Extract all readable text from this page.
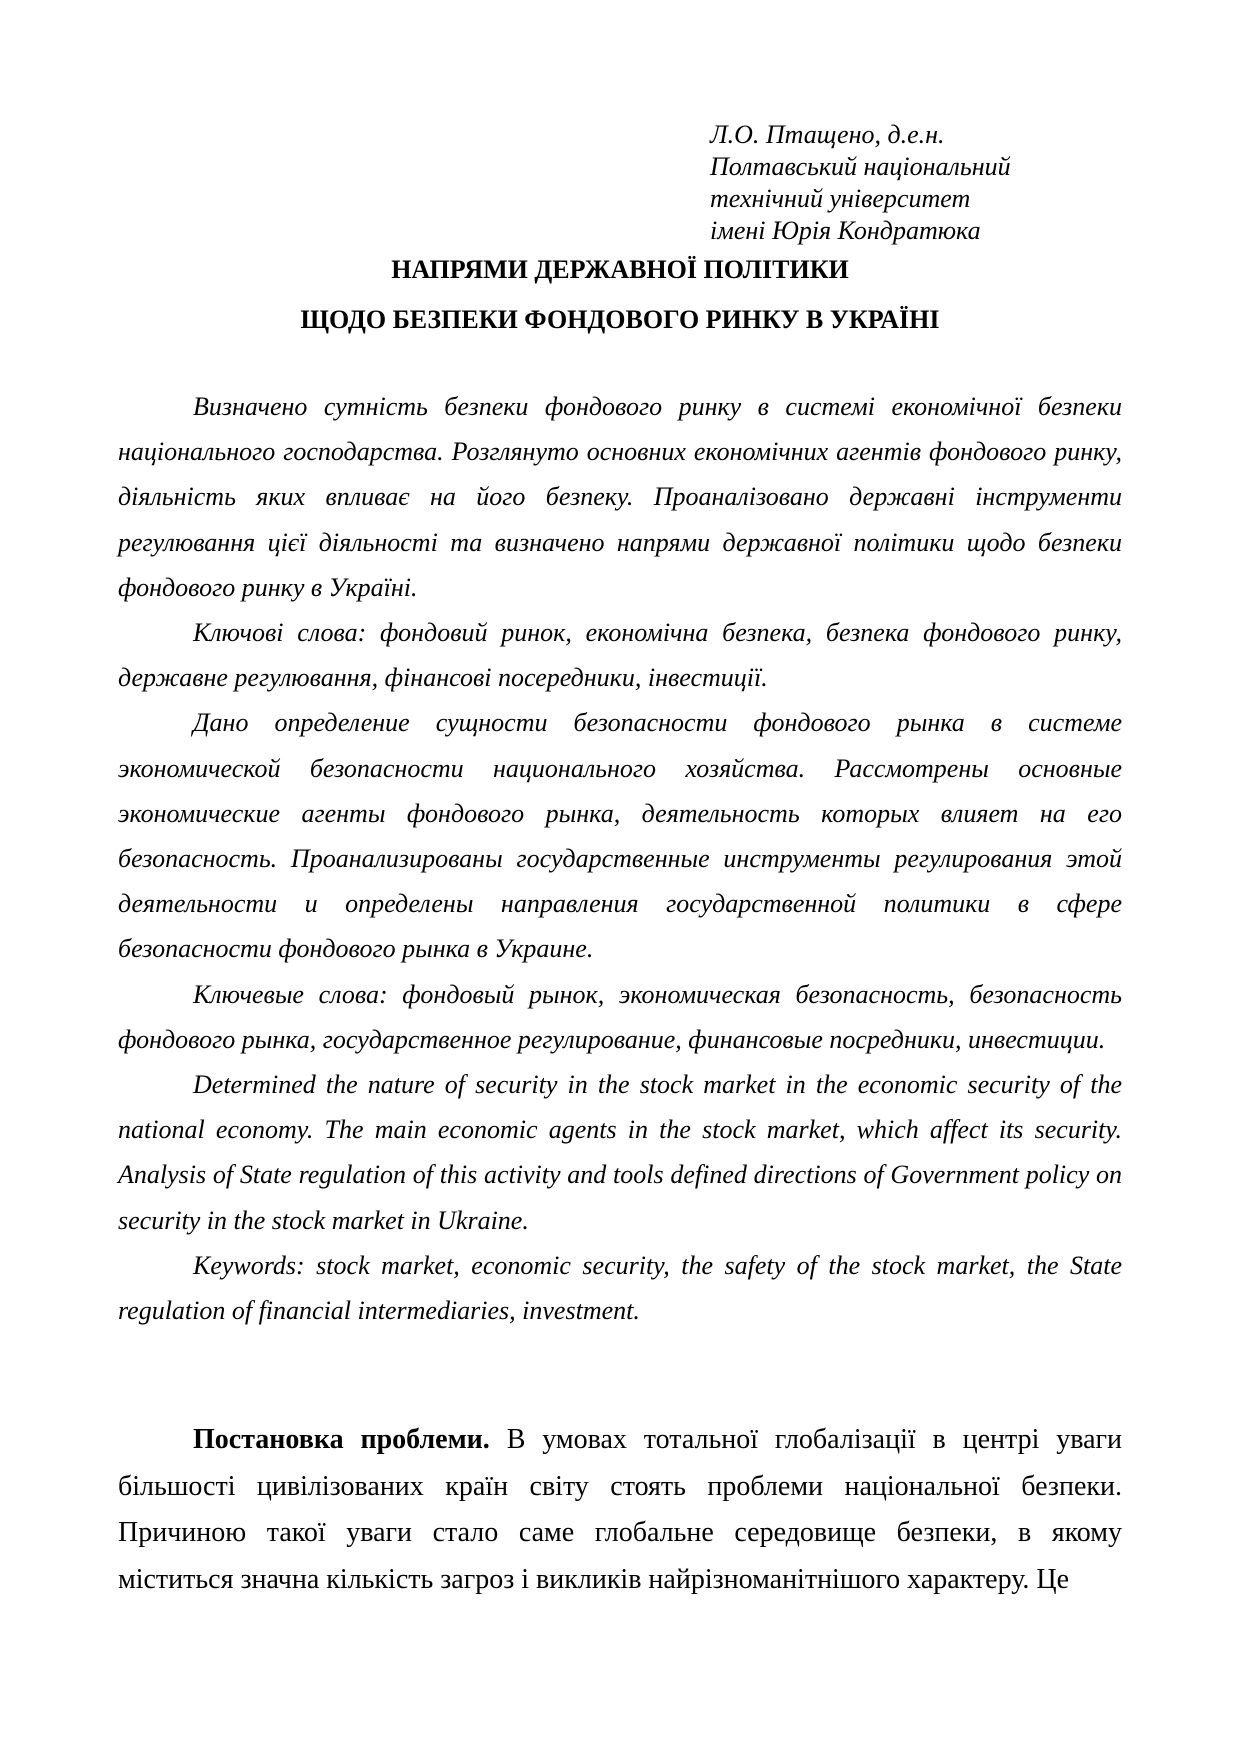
Л.О. Птащено, д.е.н.
Полтавський національний
технічний університет
імені Юрія Кондратюка
НАПРЯМИ ДЕРЖАВНОЇ ПОЛІТИКИ
ЩОДО БЕЗПЕКИ ФОНДОВОГО РИНКУ В УКРАЇНІ

Визначено сутність безпеки фондового ринку в системі економічної безпеки національного господарства. Розглянуто основних економічних агентів фондового ринку, діяльність яких впливає на його безпеку. Проаналізовано державні інструменти регулювання цієї діяльності та визначено напрями державної політики щодо безпеки фондового ринку в Україні.

Ключові слова: фондовий ринок, економічна безпека, безпека фондового ринку, державне регулювання, фінансові посередники, інвестиції.

Дано определение сущности безопасности фондового рынка в системе экономической безопасности национального хозяйства. Рассмотрены основные экономические агенты фондового рынка, деятельность которых влияет на его безопасность. Проанализированы государственные инструменты регулирования этой деятельности и определены направления государственной политики в сфере безопасности фондового рынка в Украине.

Ключевые слова: фондовый рынок, экономическая безопасность, безопасность фондового рынка, государственное регулирование, финансовые посредники, инвестиции.

Determined the nature of security in the stock market in the economic security of the national economy. The main economic agents in the stock market, which affect its security. Analysis of State regulation of this activity and tools defined directions of Government policy on security in the stock market in Ukraine.

Keywords: stock market, economic security, the safety of the stock market, the State regulation of financial intermediaries, investment.

Постановка проблеми. В умовах тотальної глобалізації в центрі уваги більшості цивілізованих країн світу стоять проблеми національної безпеки. Причиною такої уваги стало саме глобальне середовище безпеки, в якому міститься значна кількість загроз і викликів найрізноманітнішого характеру. Це
